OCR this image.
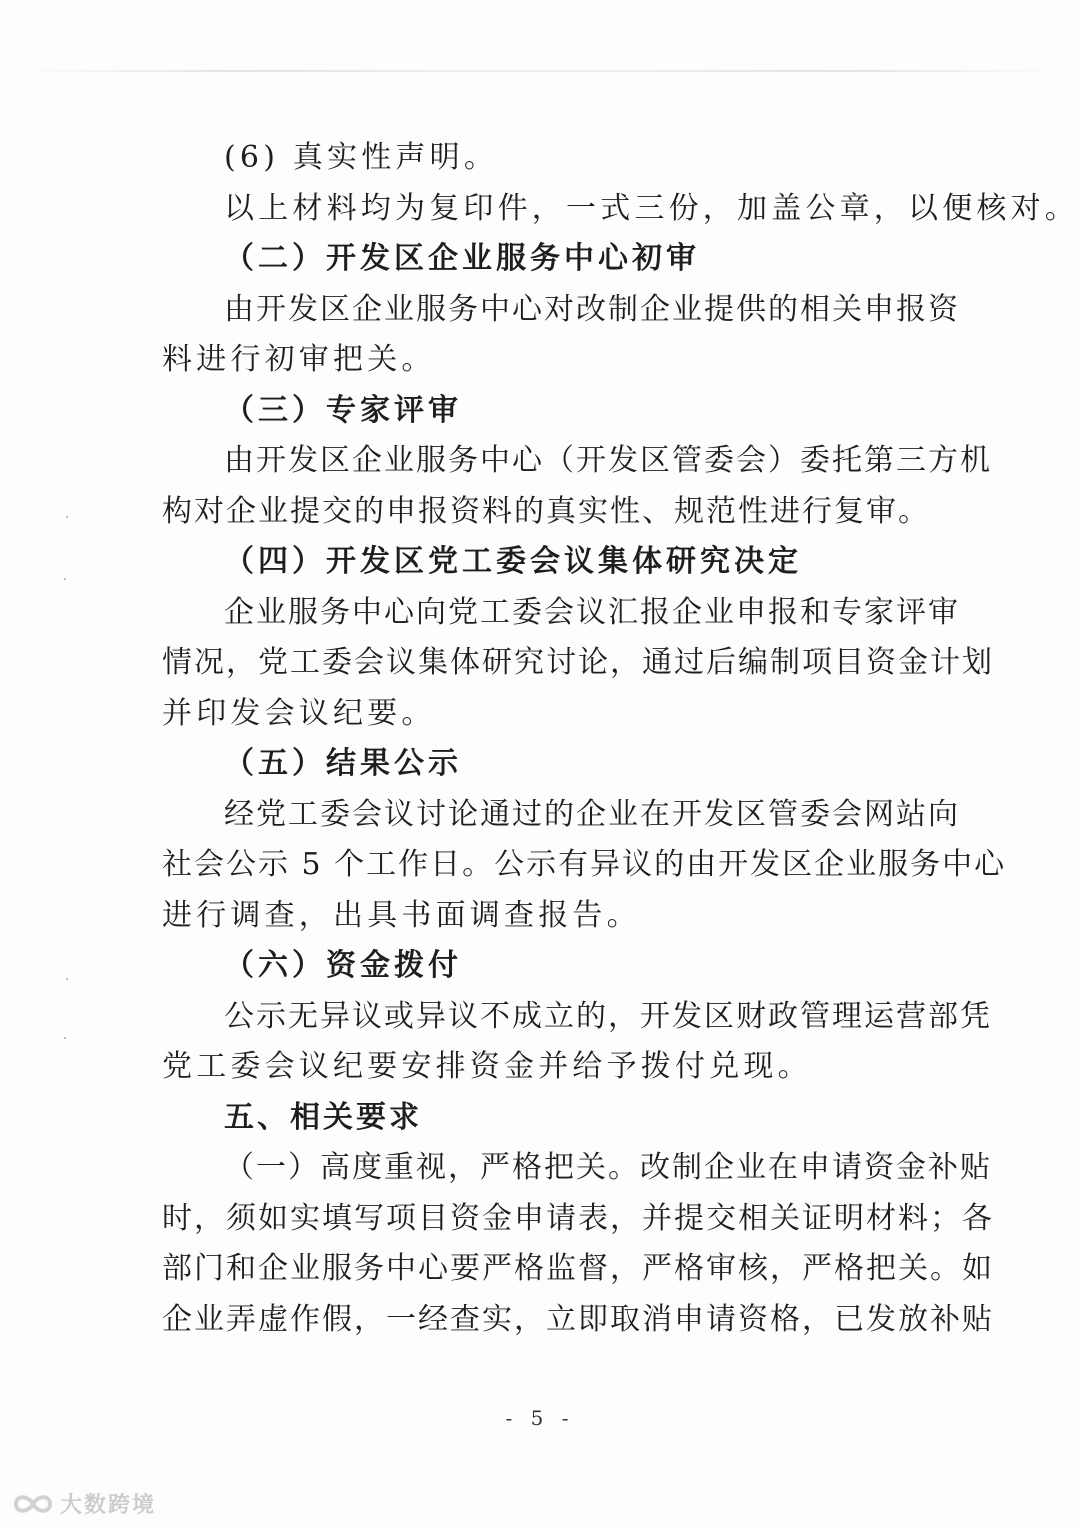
(6) 真实性声明。
以上材料均为复印件，一式三份，加盖公章，以便核对。
（二）开发区企业服务中心初审
由开发区企业服务中心对改制企业提供的相关申报资
料进行初审把关。
（三）专家评审
由开发区企业服务中心（开发区管委会）委托第三方机
构对企业提交的申报资料的真实性、规范性进行复审。
（四）开发区党工委会议集体研究决定
企业服务中心向党工委会议汇报企业申报和专家评审
情况，党工委会议集体研究讨论，通过后编制项目资金计划
并印发会议纪要。
（五）结果公示
经党工委会议讨论通过的企业在开发区管委会网站向
社会公示 5 个工作日。公示有异议的由开发区企业服务中心
进行调查，出具书面调查报告。
（六）资金拨付
公示无异议或异议不成立的，开发区财政管理运营部凭
党工委会议纪要安排资金并给予拨付兑现。
五、相关要求
（一）高度重视，严格把关。改制企业在申请资金补贴
时，须如实填写项目资金申请表，并提交相关证明材料；各
部门和企业服务中心要严格监督，严格审核，严格把关。如
企业弄虚作假，一经查实，立即取消申请资格，已发放补贴
- 5 -
大数跨境
